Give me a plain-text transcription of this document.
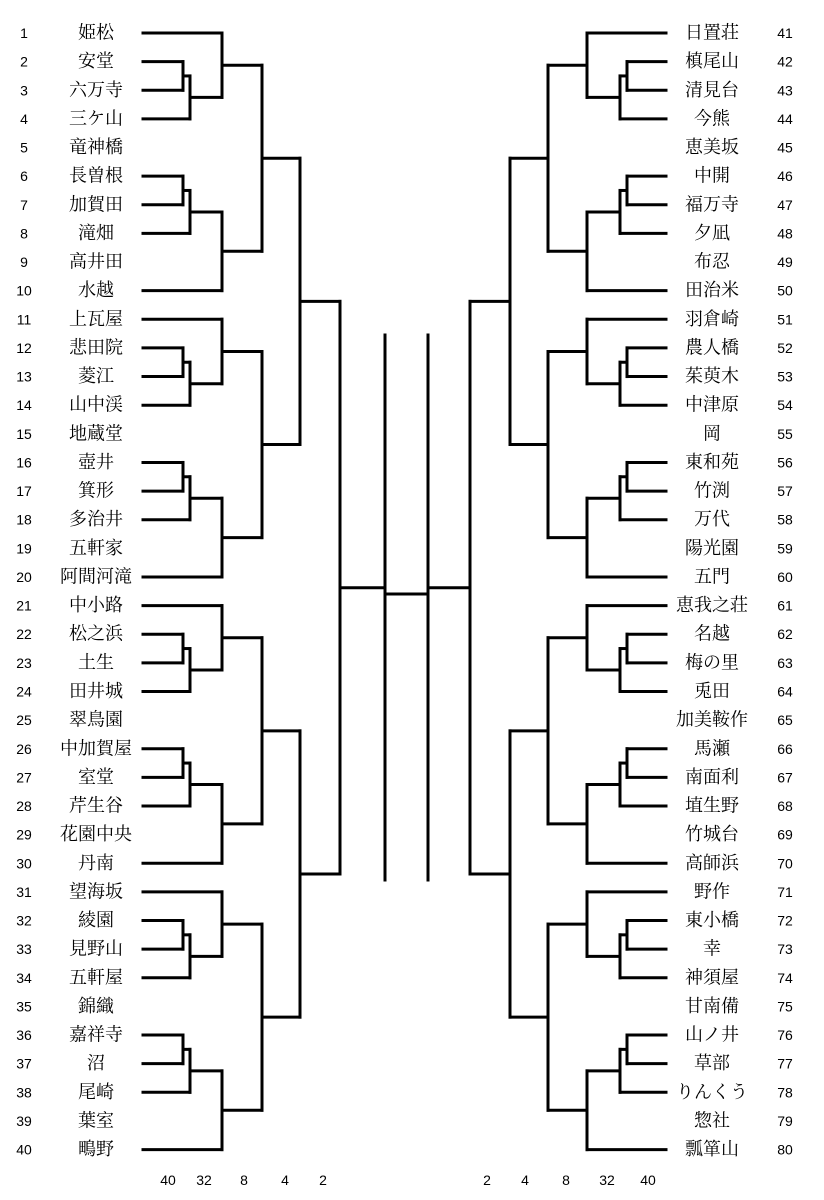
1	姫松	日置荘	41
2	安堂	槙尾山	42
3 六万寺	清見台	43
4 三ケ山	今熊	44
5 竜神橋	恵美坂	45
6 長曽根	中開	46
7 加賀田	福万寺	47
8	滝畑	夕凪	48
9 高井田	布忍	49
10	水越	田治米	50
11 上瓦屋	羽倉崎	51
12 悲田院	農人橋	52
13	菱江	茱萸木	53
14 山中渓	中津原	54
15 地蔵堂	岡	55
16	壺井	東和苑	56
17	箕形	竹渕	57
18 多治井	万代	58
19 五軒家	陽光園	59
20 阿間河滝	五門	60
21 中小路	恵我之荘 61
22 松之浜	名越	62
23	土生	梅の里	63
24 田井城	兎田	64
25 翠鳥園	加美鞍作 65
26 中加賀屋	馬瀬	66
27	室堂	南面利	67
28 芹生谷	埴生野	68
29 花園中央	竹城台	69
30	丹南	高師浜	70
31 望海坂	野作	71
32	綾園	東小橋	72
33 見野山	幸	73
34 五軒屋	神須屋	74
35	錦織	甘南備	75
36 嘉祥寺	山ノ井	76
37	沼	草部	77
38	尾崎	りんくう 78
39	葉室	惣社	79
40	鴫野	瓢箪山	80
40	2
32	4
8	8
4	32
2	40
